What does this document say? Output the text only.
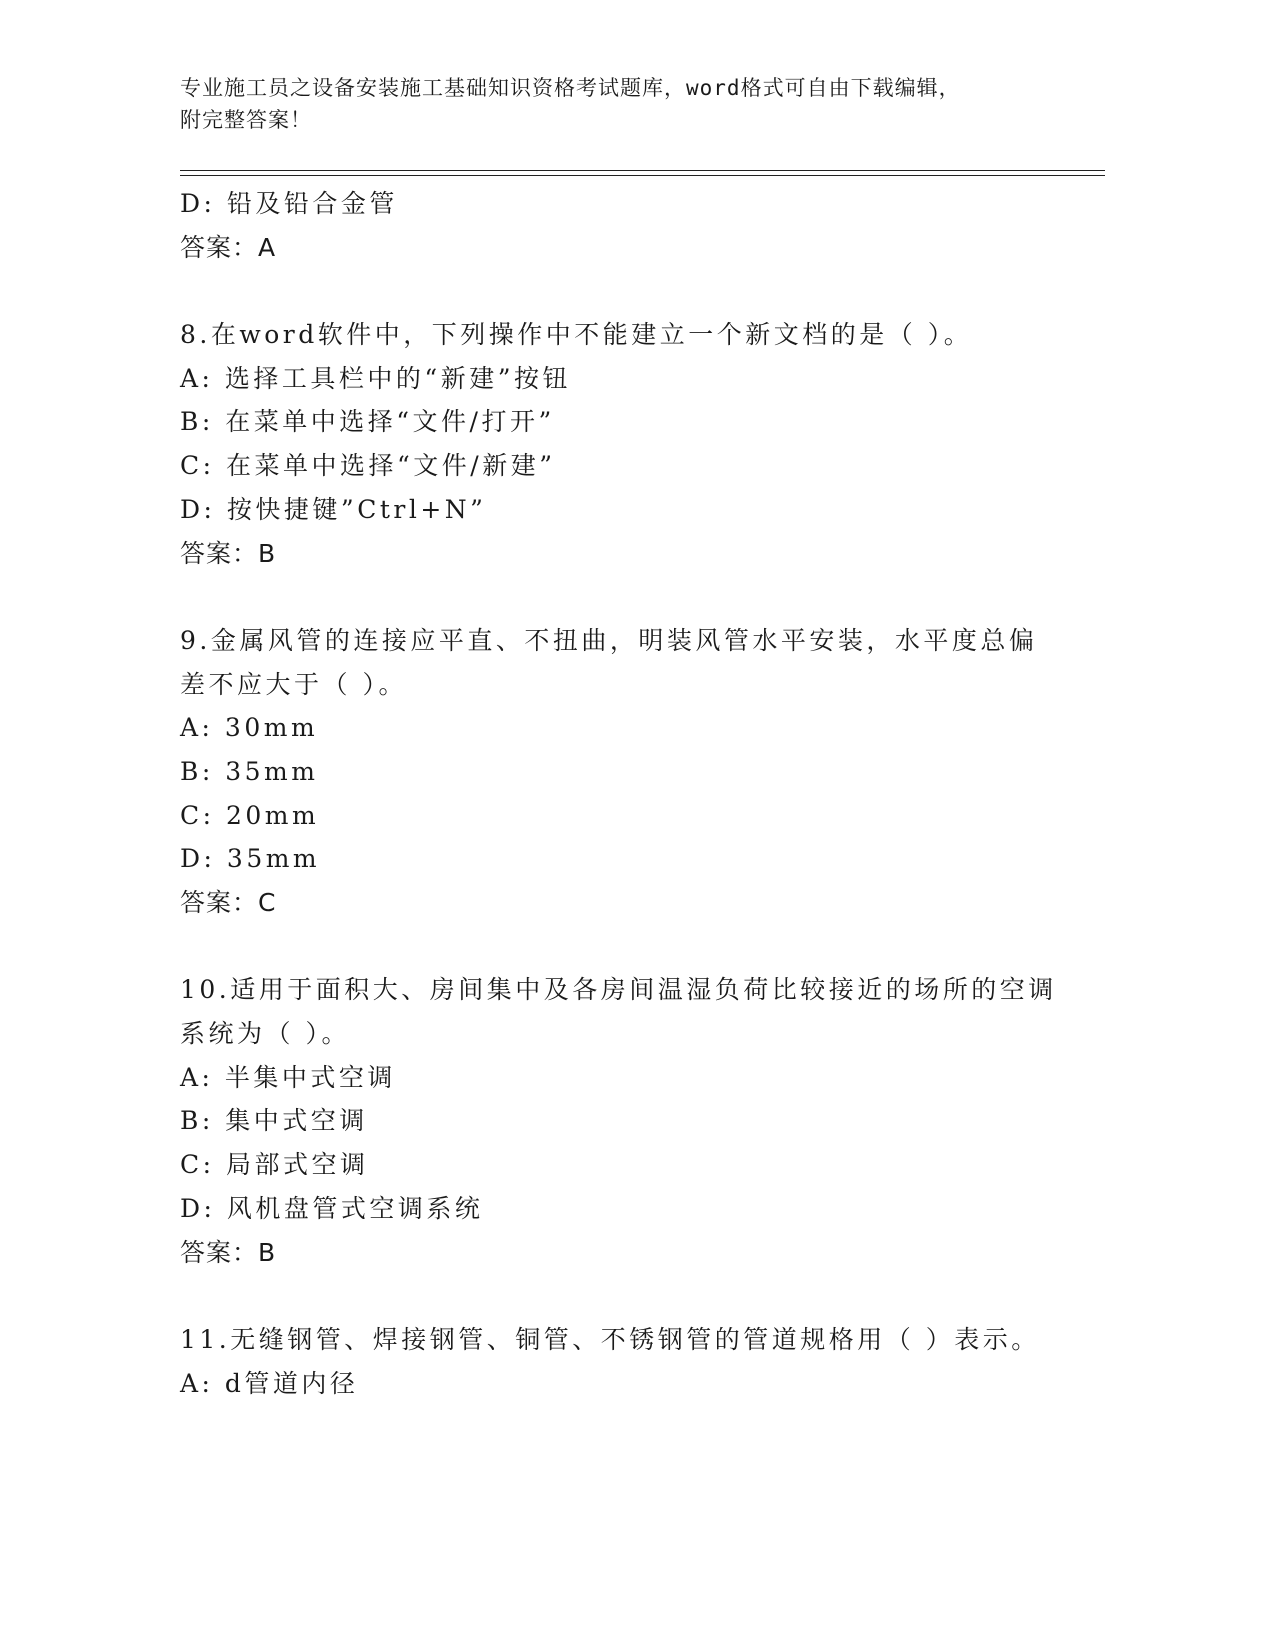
专业施工员之设备安装施工基础知识资格考试题库，word格式可自由下载编辑，
附完整答案！
D: 铅及铅合金管
答案：A
8.在word软件中，下列操作中不能建立一个新文档的是（ ）。
A: 选择工具栏中的“新建”按钮
B: 在菜单中选择“文件/打开”
C: 在菜单中选择“文件/新建”
D: 按快捷键”Ctrl+N”
答案：B
9.金属风管的连接应平直、不扭曲，明装风管水平安装，水平度总偏
差不应大于（ ）。
A: 30mm
B: 35mm
C: 20mm
D: 35mm
答案：C
10.适用于面积大、房间集中及各房间温湿负荷比较接近的场所的空调
系统为（ ）。
A: 半集中式空调
B: 集中式空调
C: 局部式空调
D: 风机盘管式空调系统
答案：B
11.无缝钢管、焊接钢管、铜管、不锈钢管的管道规格用（ ）表示。
A: d管道内径
